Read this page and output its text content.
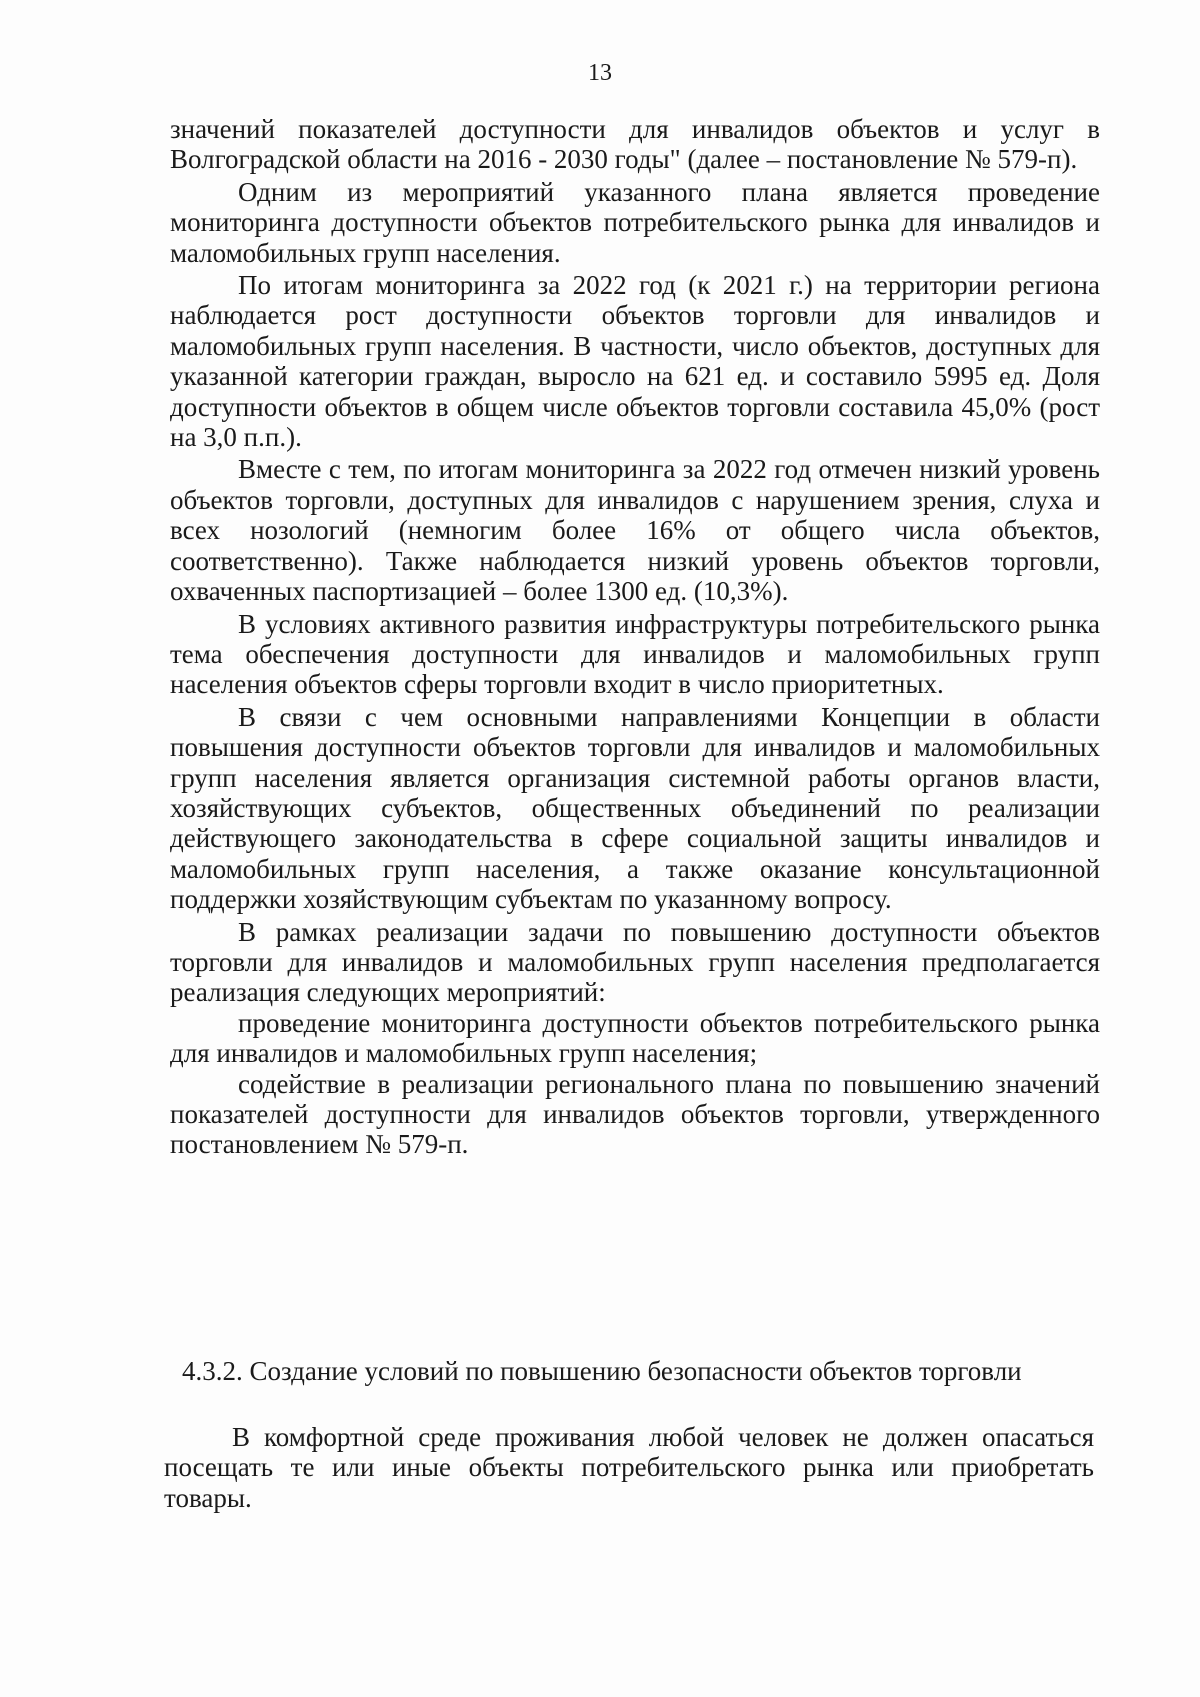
13

значений показателей доступности для инвалидов объектов и услуг в Волгоградской области на 2016 - 2030 годы" (далее – постановление № 579-п).

Одним из мероприятий указанного плана является проведение мониторинга доступности объектов потребительского рынка для инвалидов и маломобильных групп населения.

По итогам мониторинга за 2022 год (к 2021 г.) на территории региона наблюдается рост доступности объектов торговли для инвалидов и маломобильных групп населения. В частности, число объектов, доступных для указанной категории граждан, выросло на 621 ед. и составило 5995 ед. Доля доступности объектов в общем числе объектов торговли составила 45,0% (рост на 3,0 п.п.).

Вместе с тем, по итогам мониторинга за 2022 год отмечен низкий уровень объектов торговли, доступных для инвалидов с нарушением зрения, слуха и всех нозологий (немногим более 16% от общего числа объектов, соответственно). Также наблюдается низкий уровень объектов торговли, охваченных паспортизацией – более 1300 ед. (10,3%).

В условиях активного развития инфраструктуры потребительского рынка тема обеспечения доступности для инвалидов и маломобильных групп населения объектов сферы торговли входит в число приоритетных.

В связи с чем основными направлениями Концепции в области повышения доступности объектов торговли для инвалидов и маломобильных групп населения является организация системной работы органов власти, хозяйствующих субъектов, общественных объединений по реализации действующего законодательства в сфере социальной защиты инвалидов и маломобильных групп населения, а также оказание консультационной поддержки хозяйствующим субъектам по указанному вопросу.

В рамках реализации задачи по повышению доступности объектов торговли для инвалидов и маломобильных групп населения предполагается реализация следующих мероприятий:

проведение мониторинга доступности объектов потребительского рынка для инвалидов и маломобильных групп населения;

содействие в реализации регионального плана по повышению значений показателей доступности для инвалидов объектов торговли, утвержденного постановлением № 579-п.

4.3.2. Создание условий по повышению безопасности объектов торговли

В комфортной среде проживания любой человек не должен опасаться посещать те или иные объекты потребительского рынка или приобретать товары.
